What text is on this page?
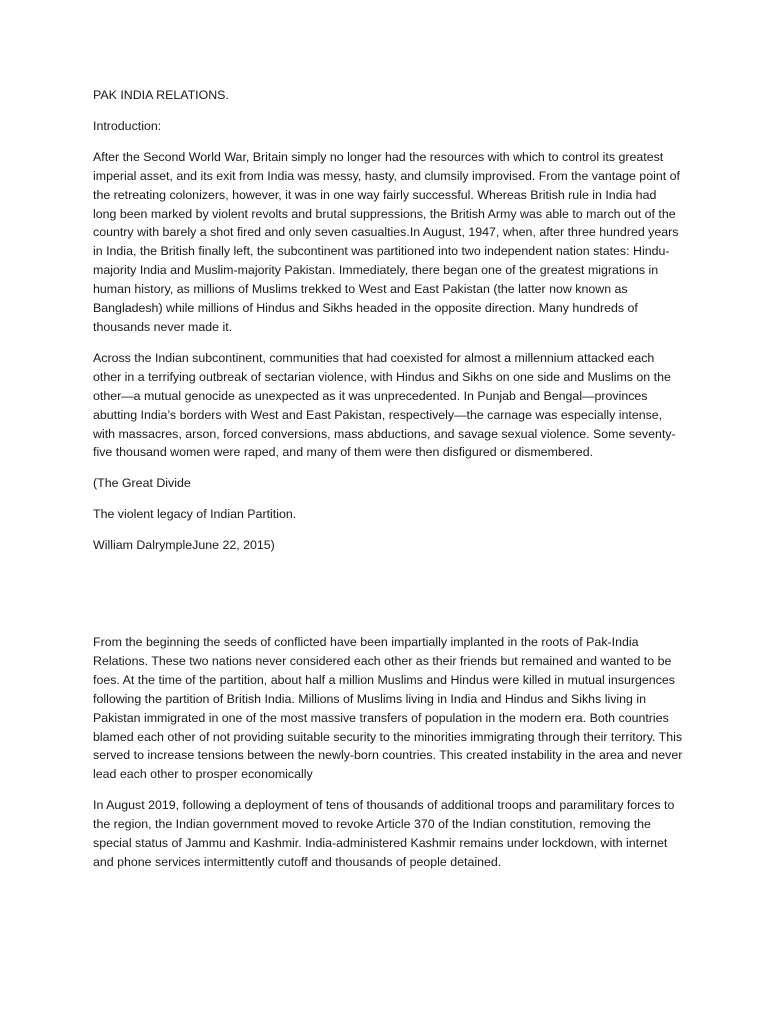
PAK INDIA RELATIONS.

Introduction:

After the Second World War, Britain simply no longer had the resources with which to control its greatest imperial asset, and its exit from India was messy, hasty, and clumsily improvised. From the vantage point of the retreating colonizers, however, it was in one way fairly successful. Whereas British rule in India had long been marked by violent revolts and brutal suppressions, the British Army was able to march out of the country with barely a shot fired and only seven casualties.In August, 1947, when, after three hundred years in India, the British finally left, the subcontinent was partitioned into two independent nation states: Hindu-majority India and Muslim-majority Pakistan. Immediately, there began one of the greatest migrations in human history, as millions of Muslims trekked to West and East Pakistan (the latter now known as Bangladesh) while millions of Hindus and Sikhs headed in the opposite direction. Many hundreds of thousands never made it.

Across the Indian subcontinent, communities that had coexisted for almost a millennium attacked each other in a terrifying outbreak of sectarian violence, with Hindus and Sikhs on one side and Muslims on the other—a mutual genocide as unexpected as it was unprecedented. In Punjab and Bengal—provinces abutting India’s borders with West and East Pakistan, respectively—the carnage was especially intense, with massacres, arson, forced conversions, mass abductions, and savage sexual violence. Some seventy-five thousand women were raped, and many of them were then disfigured or dismembered.

(The Great Divide

The violent legacy of Indian Partition.

William DalrympleJune 22, 2015)

From the beginning the seeds of conflicted have been impartially implanted in the roots of Pak-India Relations. These two nations never considered each other as their friends but remained and wanted to be foes. At the time of the partition, about half a million Muslims and Hindus were killed in mutual insurgences following the partition of British India. Millions of Muslims living in India and Hindus and Sikhs living in Pakistan immigrated in one of the most massive transfers of population in the modern era. Both countries blamed each other of not providing suitable security to the minorities immigrating through their territory. This served to increase tensions between the newly-born countries. This created instability in the area and never lead each other to prosper economically

In August 2019, following a deployment of tens of thousands of additional troops and paramilitary forces to the region, the Indian government moved to revoke Article 370 of the Indian constitution, removing the special status of Jammu and Kashmir. India-administered Kashmir remains under lockdown, with internet and phone services intermittently cutoff and thousands of people detained.
